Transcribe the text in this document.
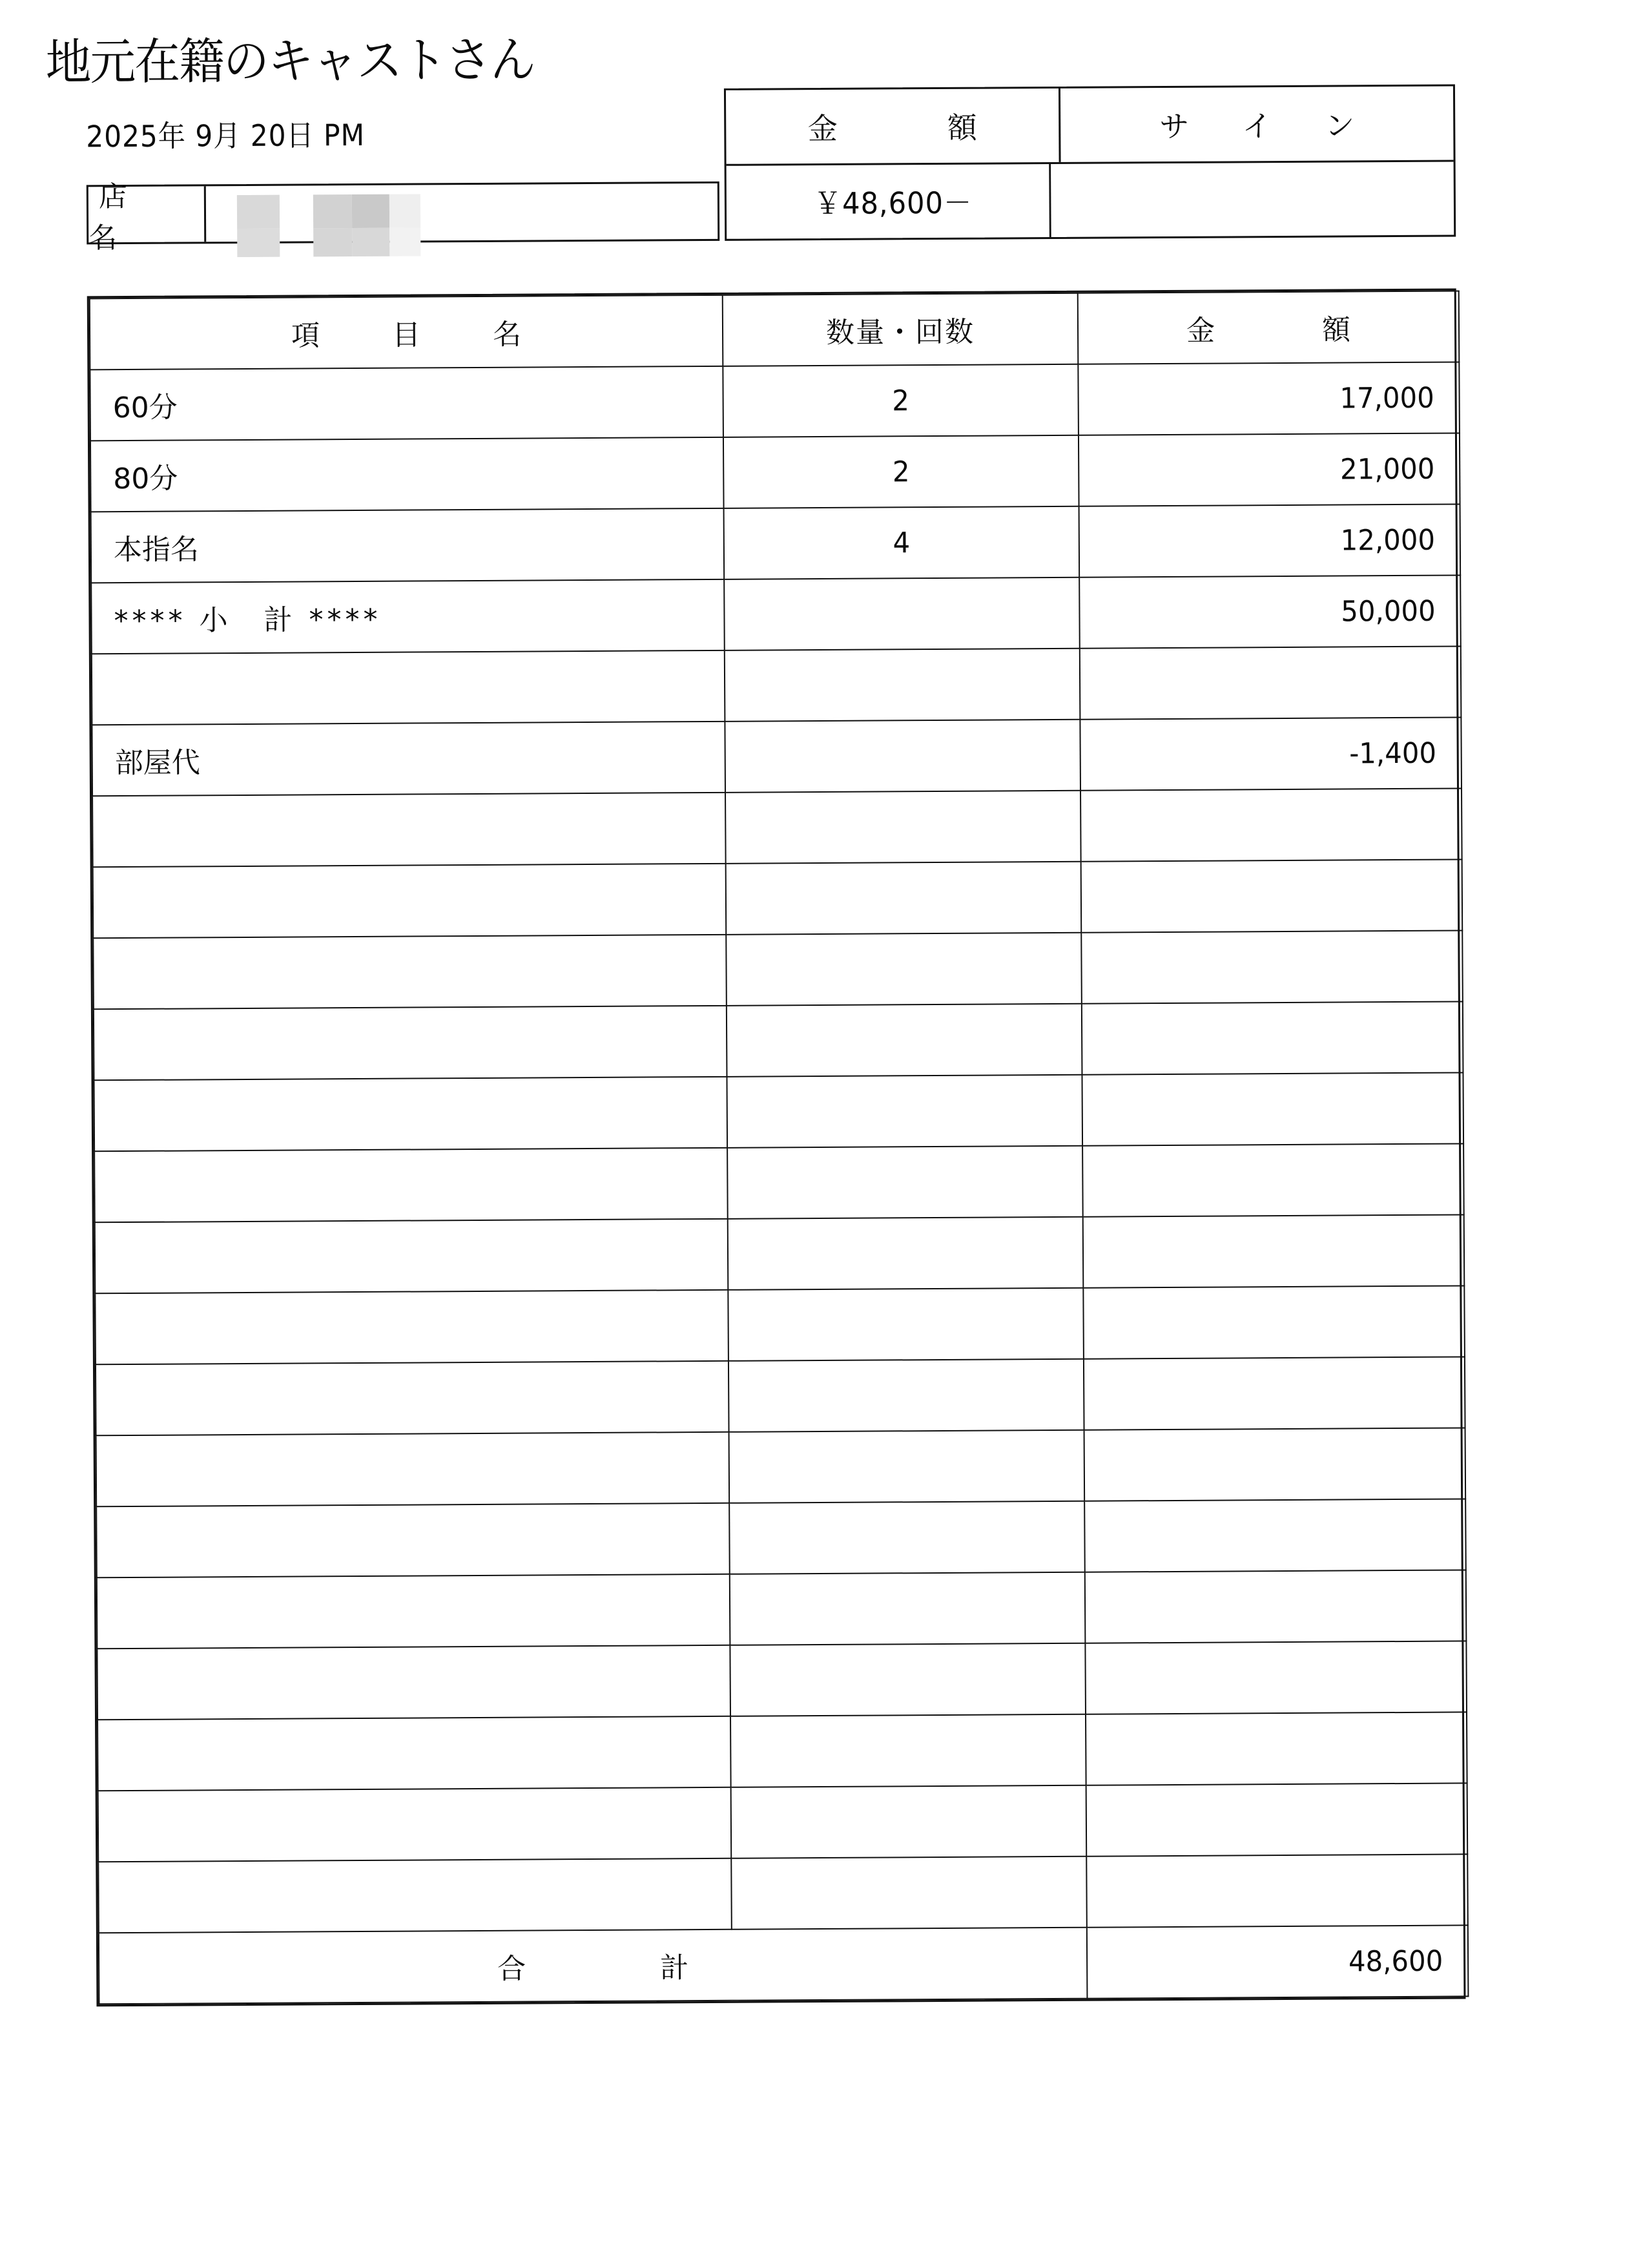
地元在籍のキャストさん
2025年 9月 20日 PM
店　名
金　　額	サ　イ　ン
￥48,600－
項　目　名	数量・回数	金　　額
60分	2	17,000
80分	2	21,000
本指名	4	12,000
**** 小　計 ****		50,000

部屋代		-1,400

合　　計		48,600
